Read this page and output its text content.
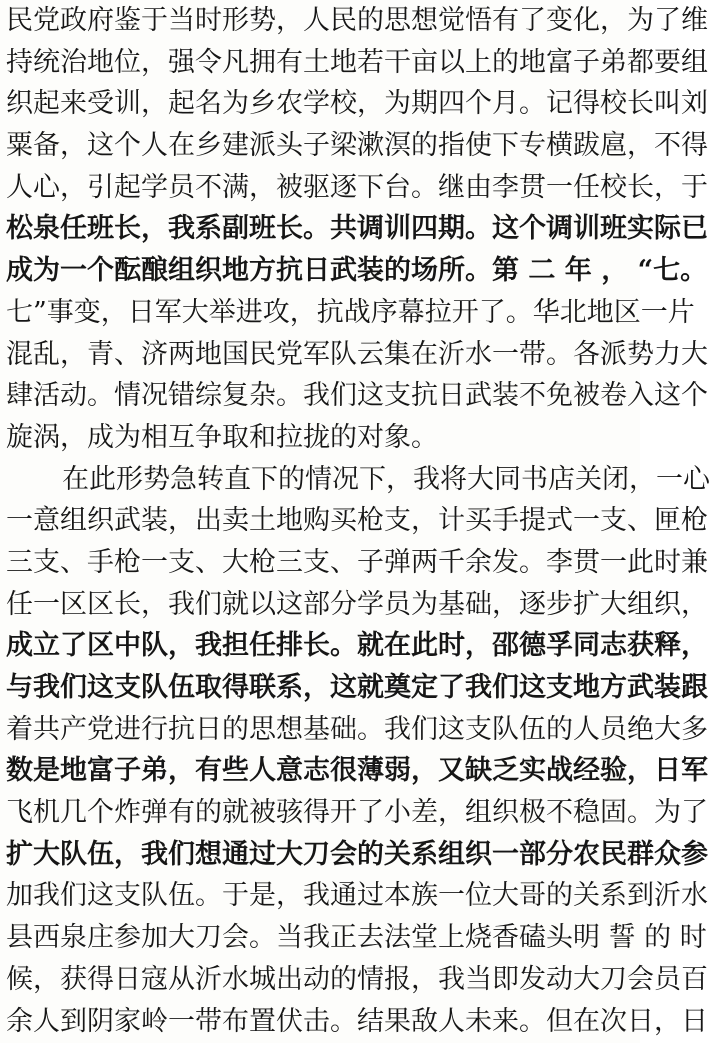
民党政府鉴于当时形势，人民的思想觉悟有了变化，为了维
持统治地位，强令凡拥有土地若干亩以上的地富子弟都要组
织起来受训，起名为乡农学校，为期四个月。记得校长叫刘
粟备，这个人在乡建派头子梁漱溟的指使下专横跋扈，不得
人心，引起学员不满，被驱逐下台。继由李贯一任校长，于
松泉任班长，我系副班长。共调训四期。这个调训班实际已
成为一个酝酿组织地方抗日武装的场所。第 二 年 ， “七。
七”事变，日军大举进攻，抗战序幕拉开了。华北地区一片
混乱，青、济两地国民党军队云集在沂水一带。各派势力大
肆活动。情况错综复杂。我们这支抗日武装不免被卷入这个
旋涡，成为相互争取和拉拢的对象。
在此形势急转直下的情况下，我将大同书店关闭，一心
一意组织武装，出卖土地购买枪支，计买手提式一支、匣枪
三支、手枪一支、大枪三支、子弹两千余发。李贯一此时兼
任一区区长，我们就以这部分学员为基础，逐步扩大组织，
成立了区中队，我担任排长。就在此时，邵德孚同志获释，
与我们这支队伍取得联系，这就奠定了我们这支地方武装跟
着共产党进行抗日的思想基础。我们这支队伍的人员绝大多
数是地富子弟，有些人意志很薄弱，又缺乏实战经验，日军
飞机几个炸弹有的就被骇得开了小差，组织极不稳固。为了
扩大队伍，我们想通过大刀会的关系组织一部分农民群众参
加我们这支队伍。于是，我通过本族一位大哥的关系到沂水
县西泉庄参加大刀会。当我正去法堂上烧香磕头明 誓 的 时
候，获得日寇从沂水城出动的情报，我当即发动大刀会员百
余人到阴家岭一带布置伏击。结果敌人未来。但在次日，日
